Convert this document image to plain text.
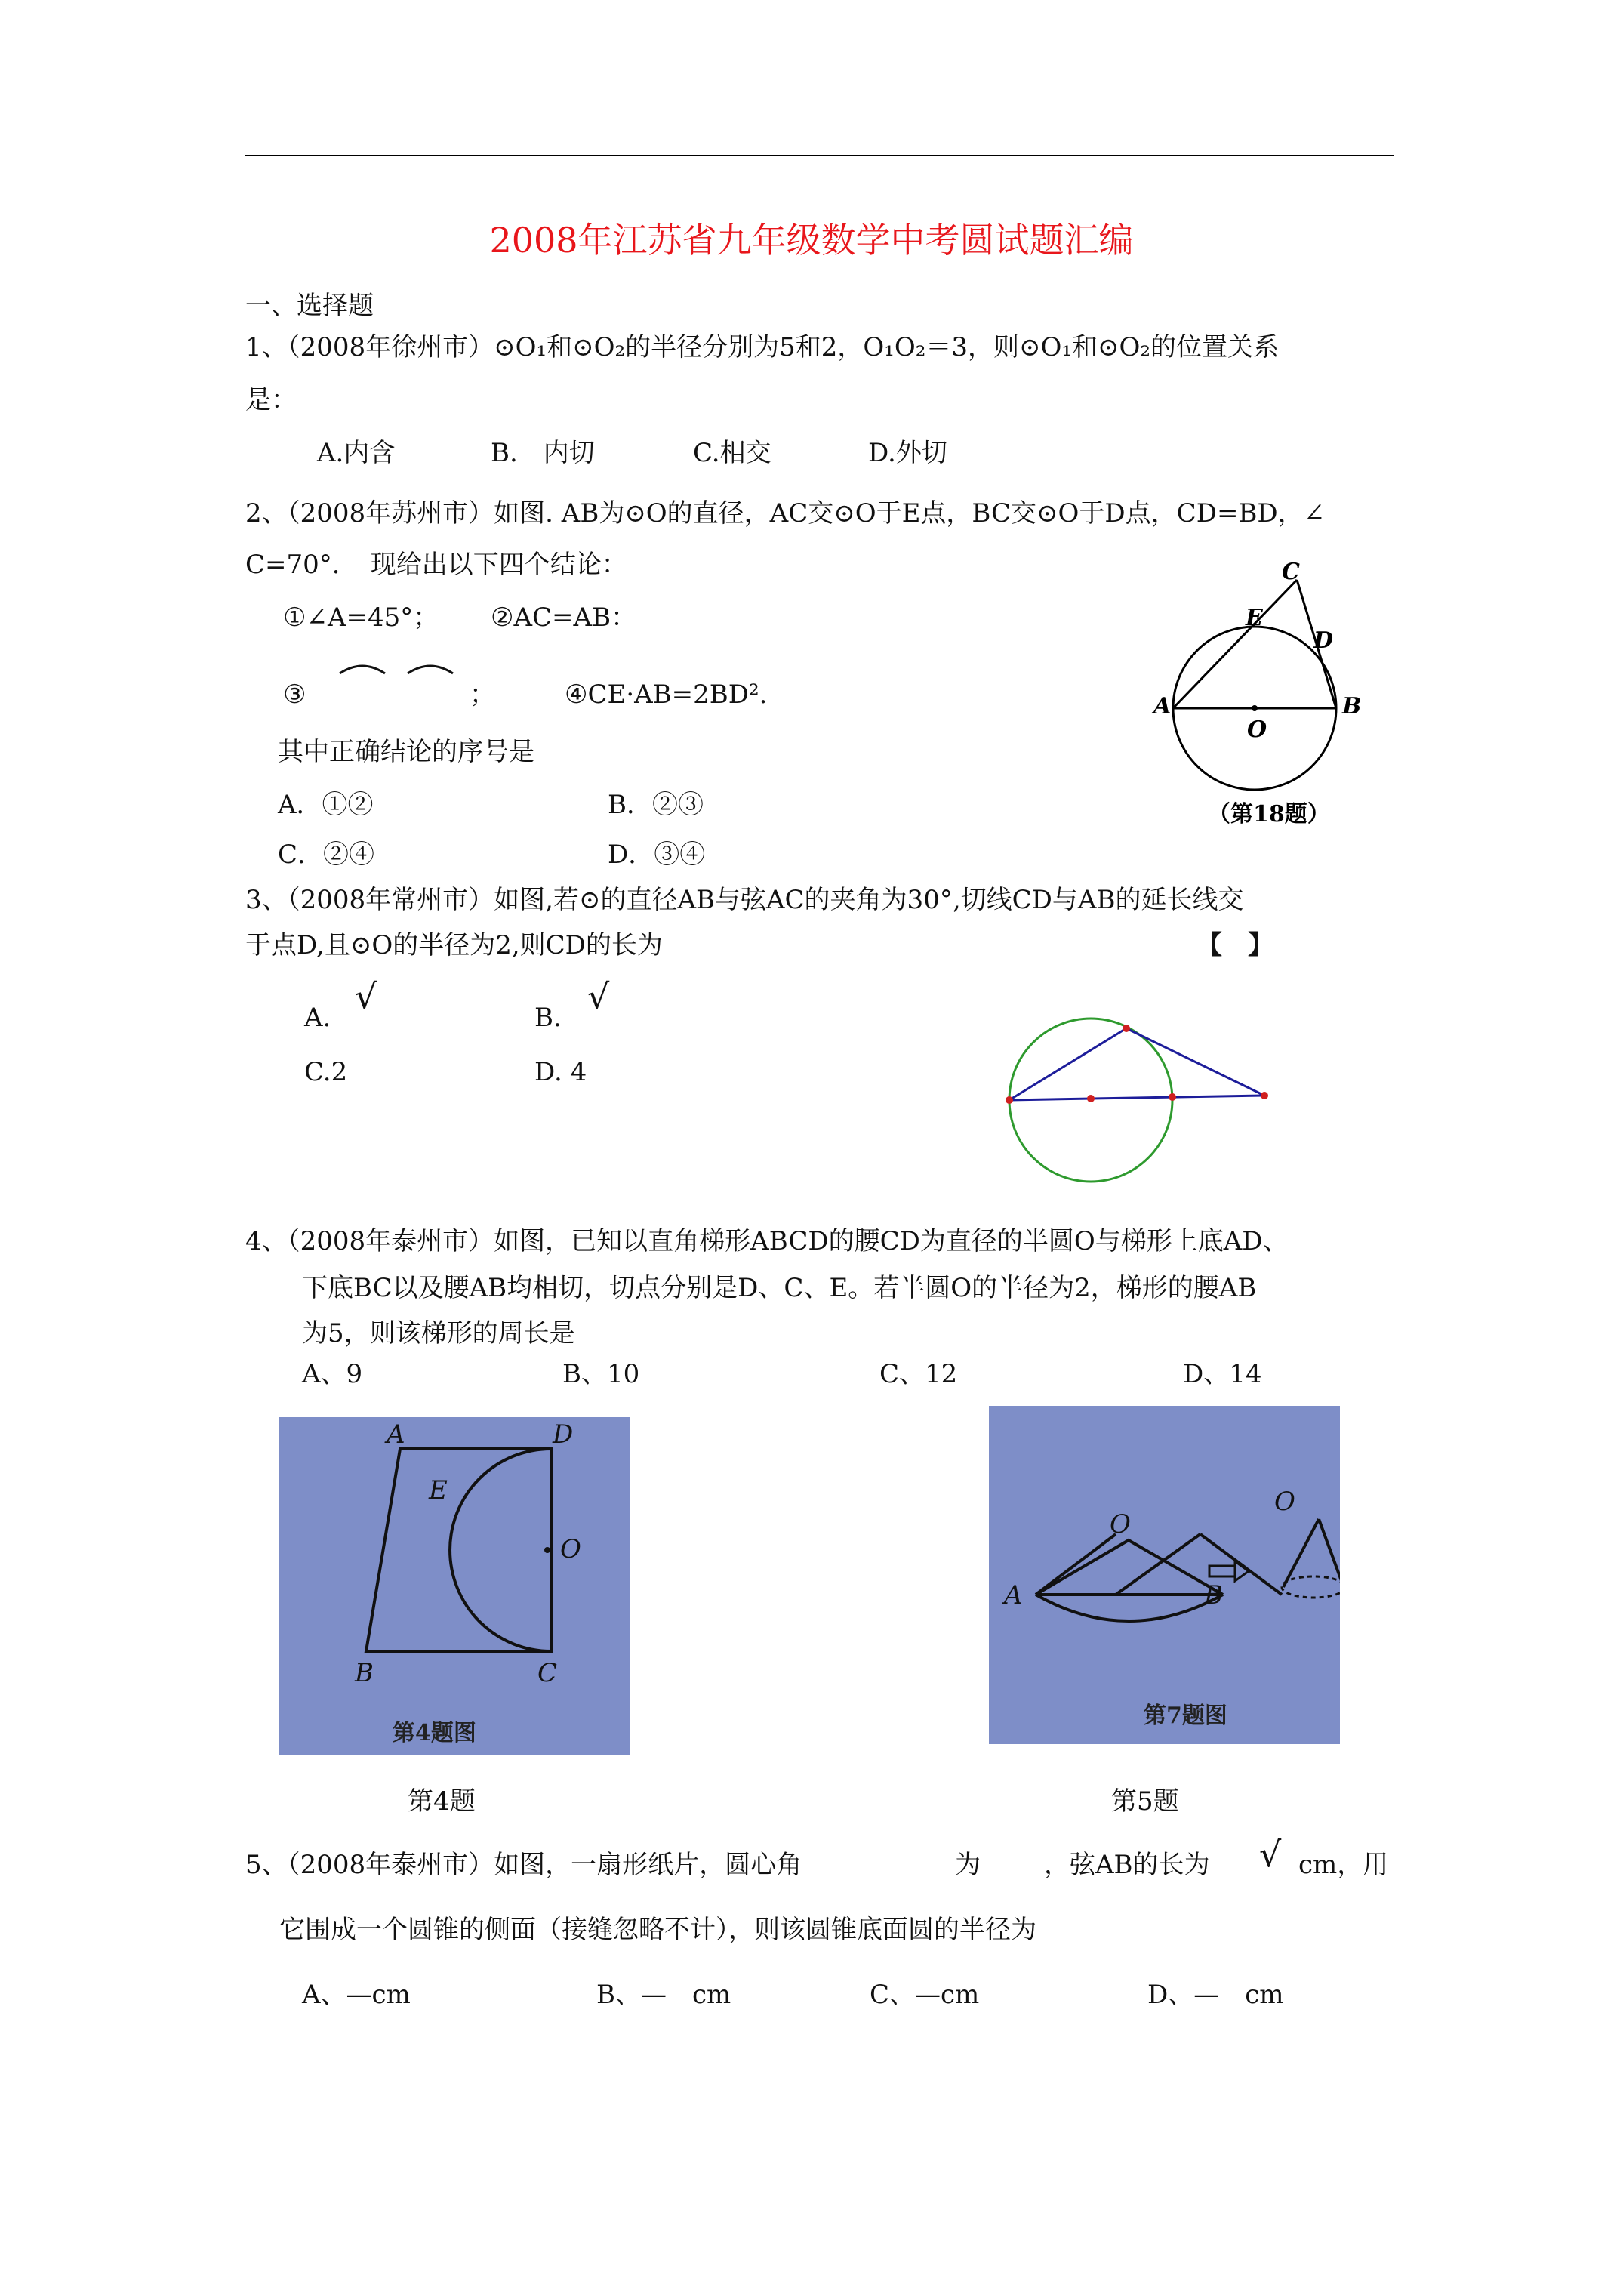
2008年江苏省九年级数学中考圆试题汇编
一、选择题
1、（2008年徐州市）⊙O₁和⊙O₂的半径分别为5和2，O₁O₂＝3，则⊙O₁和⊙O₂的位置关系
是：
A.内含	B.　内切	C.相交	D.外切
2、（2008年苏州市）如图. AB为⊙O的直径，AC交⊙O于E点，BC交⊙O于D点，CD=BD，∠
C=70°．　现给出以下四个结论：
①∠A=45°； ②AC=AB：
③	；	④CE·AB=2BD².
其中正确结论的序号是
A．①②	B．②③
C．②④	D．③④
A	B
C
D
E
O
（第18题）
3、（2008年常州市）如图,若⊙的直径AB与弦AC的夹角为30°,切线CD与AB的延长线交
于点D,且⊙O的半径为2,则CD的长为	【　】
A.
√
B.
√
C.2	D. 4
4、（2008年泰州市）如图，已知以直角梯形ABCD的腰CD为直径的半圆O与梯形上底AD、
下底BC以及腰AB均相切，切点分别是D、C、E。若半圆O的半径为2，梯形的腰AB
为5，则该梯形的周长是
A、9	B、10	C、12	D、14
A	D
E
O
B	C
第4题图
第4题
O
A	B
O
第7题图
第5题
5、（2008年泰州市）如图，一扇形纸片，圆心角	为 ，弦AB的长为 √ cm，用
它围成一个圆锥的侧面（接缝忽略不计），则该圆锥底面圆的半径为
A、—cm	B、—　cm	C、—cm	D、—　cm
